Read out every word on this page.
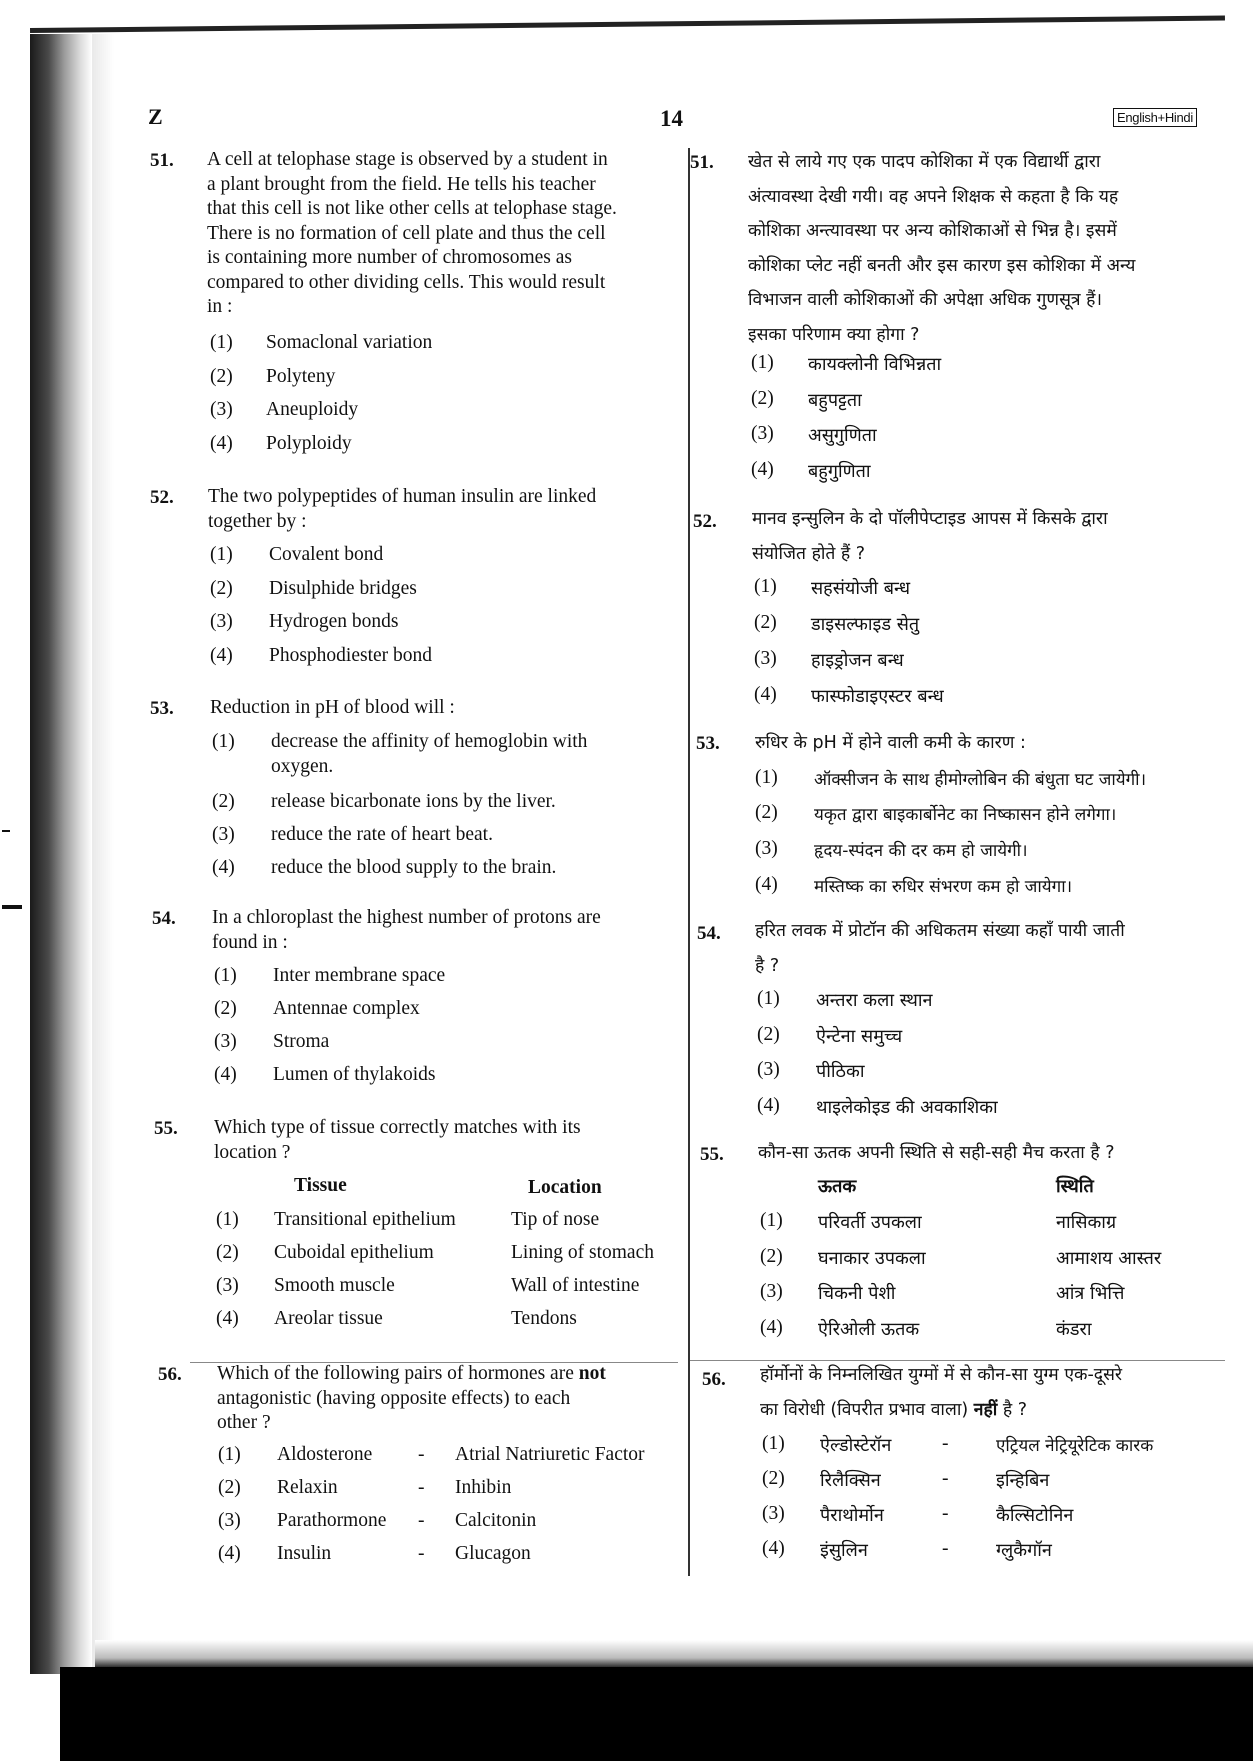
Z	14	English+Hindi
51. A cell at telophase stage is observed by a student in
a plant brought from the field. He tells his teacher
that this cell is not like other cells at telophase stage.
There is no formation of cell plate and thus the cell
is containing more number of chromosomes as
compared to other dividing cells. This would result
in :
(1) Somaclonal variation
(2) Polyteny
(3) Aneuploidy
(4) Polyploidy
52. The two polypeptides of human insulin are linked
together by :
(1) Covalent bond
(2) Disulphide bridges
(3) Hydrogen bonds
(4) Phosphodiester bond
53. Reduction in pH of blood will :
(1) decrease the affinity of hemoglobin with
oxygen.
(2) release bicarbonate ions by the liver.
(3) reduce the rate of heart beat.
(4) reduce the blood supply to the brain.
54. In a chloroplast the highest number of protons are
found in :
(1) Inter membrane space
(2) Antennae complex
(3) Stroma
(4) Lumen of thylakoids
55. Which type of tissue correctly matches with its
location ?
Tissue	Location
(1) Transitional epithelium	Tip of nose
(2) Cuboidal epithelium	Lining of stomach
(3) Smooth muscle	Wall of intestine
(4) Areolar tissue	Tendons
56. Which of the following pairs of hormones are not
antagonistic (having opposite effects) to each
other ?
(1) Aldosterone - Atrial Natriuretic Factor
(2) Relaxin	- Inhibin
(3) Parathormone - Calcitonin
(4) Insulin	- Glucagon
51. खेत से लाये गए एक पादप कोशिका में एक विद्यार्थी द्वारा
अंत्यावस्था देखी गयी। वह अपने शिक्षक से कहता है कि यह
कोशिका अन्त्यावस्था पर अन्य कोशिकाओं से भिन्न है। इसमें
कोशिका प्लेट नहीं बनती और इस कारण इस कोशिका में अन्य
विभाजन वाली कोशिकाओं की अपेक्षा अधिक गुणसूत्र हैं।
इसका परिणाम क्या होगा ?
(1) कायक्लोनी विभिन्नता
(2) बहुपट्टता
(3) असुगुणिता
(4) बहुगुणिता
52. मानव इन्सुलिन के दो पॉलीपेप्टाइड आपस में किसके द्वारा
संयोजित होते हैं ?
(1) सहसंयोजी बन्ध
(2) डाइसल्फाइड सेतु
(3) हाइड्रोजन बन्ध
(4) फास्फोडाइएस्टर बन्ध
53. रुधिर के pH में होने वाली कमी के कारण :
(1) ऑक्सीजन के साथ हीमोग्लोबिन की बंधुता घट जायेगी।
(2) यकृत द्वारा बाइकार्बोनेट का निष्कासन होने लगेगा।
(3) हृदय-स्पंदन की दर कम हो जायेगी।
(4) मस्तिष्क का रुधिर संभरण कम हो जायेगा।
54. हरित लवक में प्रोटॉन की अधिकतम संख्या कहाँ पायी जाती
है ?
(1) अन्तरा कला स्थान
(2) ऐन्टेना समुच्च
(3) पीठिका
(4) थाइलेकोइड की अवकाशिका
55. कौन-सा ऊतक अपनी स्थिति से सही-सही मैच करता है ?
ऊतक	स्थिति
(1) परिवर्ती उपकला	नासिकाग्र
(2) घनाकार उपकला	आमाशय आस्तर
(3) चिकनी पेशी	आंत्र भित्ति
(4) ऐरिओली ऊतक	कंडरा
56. हॉर्मोनों के निम्नलिखित युग्मों में से कौन-सा युग्म एक-दूसरे
का विरोधी (विपरीत प्रभाव वाला) नहीं है ?
(1) ऐल्डोस्टेरॉन	-	एट्रियल नेट्रियूरेटिक कारक
(2) रिलैक्सिन	-	इन्हिबिन
(3) पैराथोर्मोन	-	कैल्सिटोनिन
(4) इंसुलिन	-	ग्लुकैगॉन
